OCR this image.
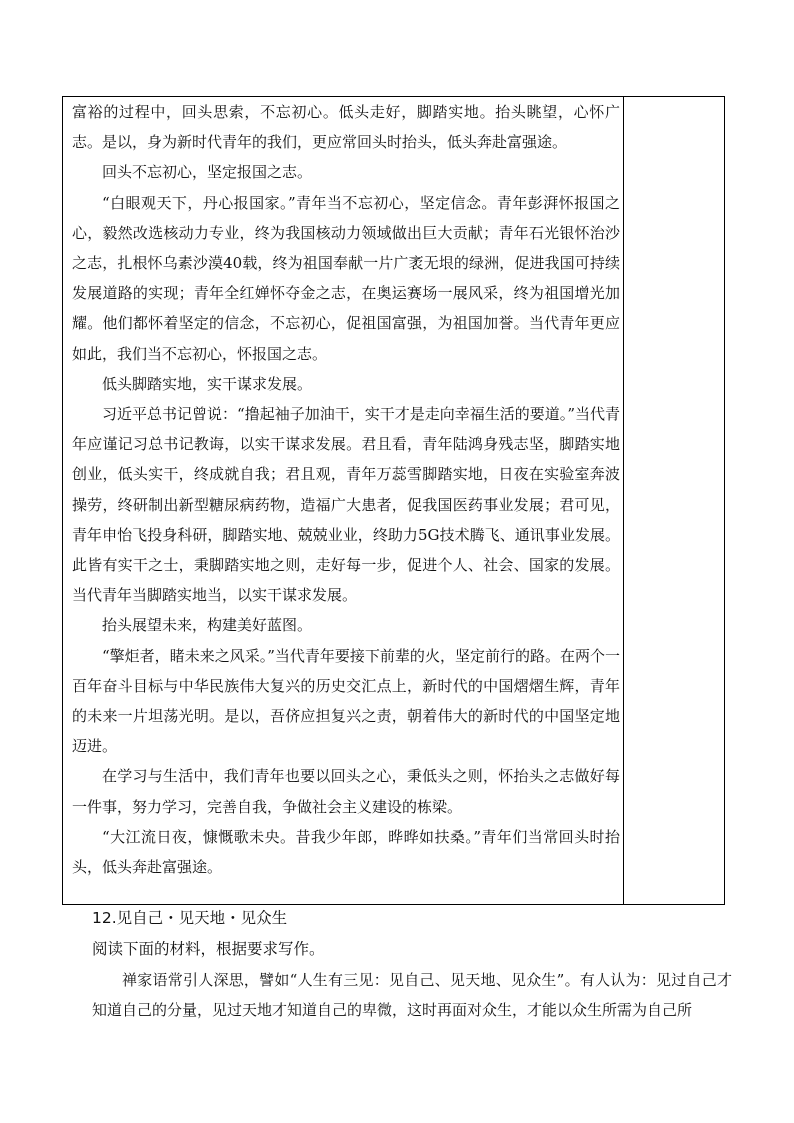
富裕的过程中，回头思索，不忘初心。低头走好，脚踏实地。抬头眺望，心怀广志。是以，身为新时代青年的我们，更应常回头时抬头，低头奔赴富强途。

回头不忘初心，坚定报国之志。

“白眼观天下，丹心报国家。”青年当不忘初心，坚定信念。青年彭湃怀报国之心，毅然改选核动力专业，终为我国核动力领域做出巨大贡献；青年石光银怀治沙之志，扎根怀乌素沙漠40载，终为祖国奉献一片广袤无垠的绿洲，促进我国可持续发展道路的实现；青年全红婵怀夺金之志，在奥运赛场一展风采，终为祖国增光加耀。他们都怀着坚定的信念，不忘初心，促祖国富强，为祖国加誉。当代青年更应如此，我们当不忘初心，怀报国之志。

低头脚踏实地，实干谋求发展。

习近平总书记曾说：“撸起袖子加油干，实干才是走向幸福生活的要道。”当代青年应谨记习总书记教诲，以实干谋求发展。君且看，青年陆鸿身残志坚，脚踏实地创业，低头实干，终成就自我；君且观，青年万蕊雪脚踏实地，日夜在实验室奔波操劳，终研制出新型糖尿病药物，造福广大患者，促我国医药事业发展；君可见，青年申怡飞投身科研，脚踏实地、兢兢业业，终助力5G技术腾飞、通讯事业发展。此皆有实干之士，秉脚踏实地之则，走好每一步，促进个人、社会、国家的发展。当代青年当脚踏实地当，以实干谋求发展。

抬头展望未来，构建美好蓝图。

“擎炬者，睹未来之风采。”当代青年要接下前辈的火，坚定前行的路。在两个一百年奋斗目标与中华民族伟大复兴的历史交汇点上，新时代的中国熠熠生辉，青年的未来一片坦荡光明。是以，吾侪应担复兴之责，朝着伟大的新时代的中国坚定地迈进。

在学习与生活中，我们青年也要以回头之心，秉低头之则，怀抬头之志做好每一件事，努力学习，完善自我，争做社会主义建设的栋梁。

“大江流日夜，慷慨歌未央。昔我少年郎，晔晔如扶桑。”青年们当常回头时抬头，低头奔赴富强途。

12.见自己・见天地・见众生

阅读下面的材料，根据要求写作。

禅家语常引人深思，譬如“人生有三见：见自己、见天地、见众生”。有人认为：见过自己才知道自己的分量，见过天地才知道自己的卑微，这时再面对众生，才能以众生所需为自己所
